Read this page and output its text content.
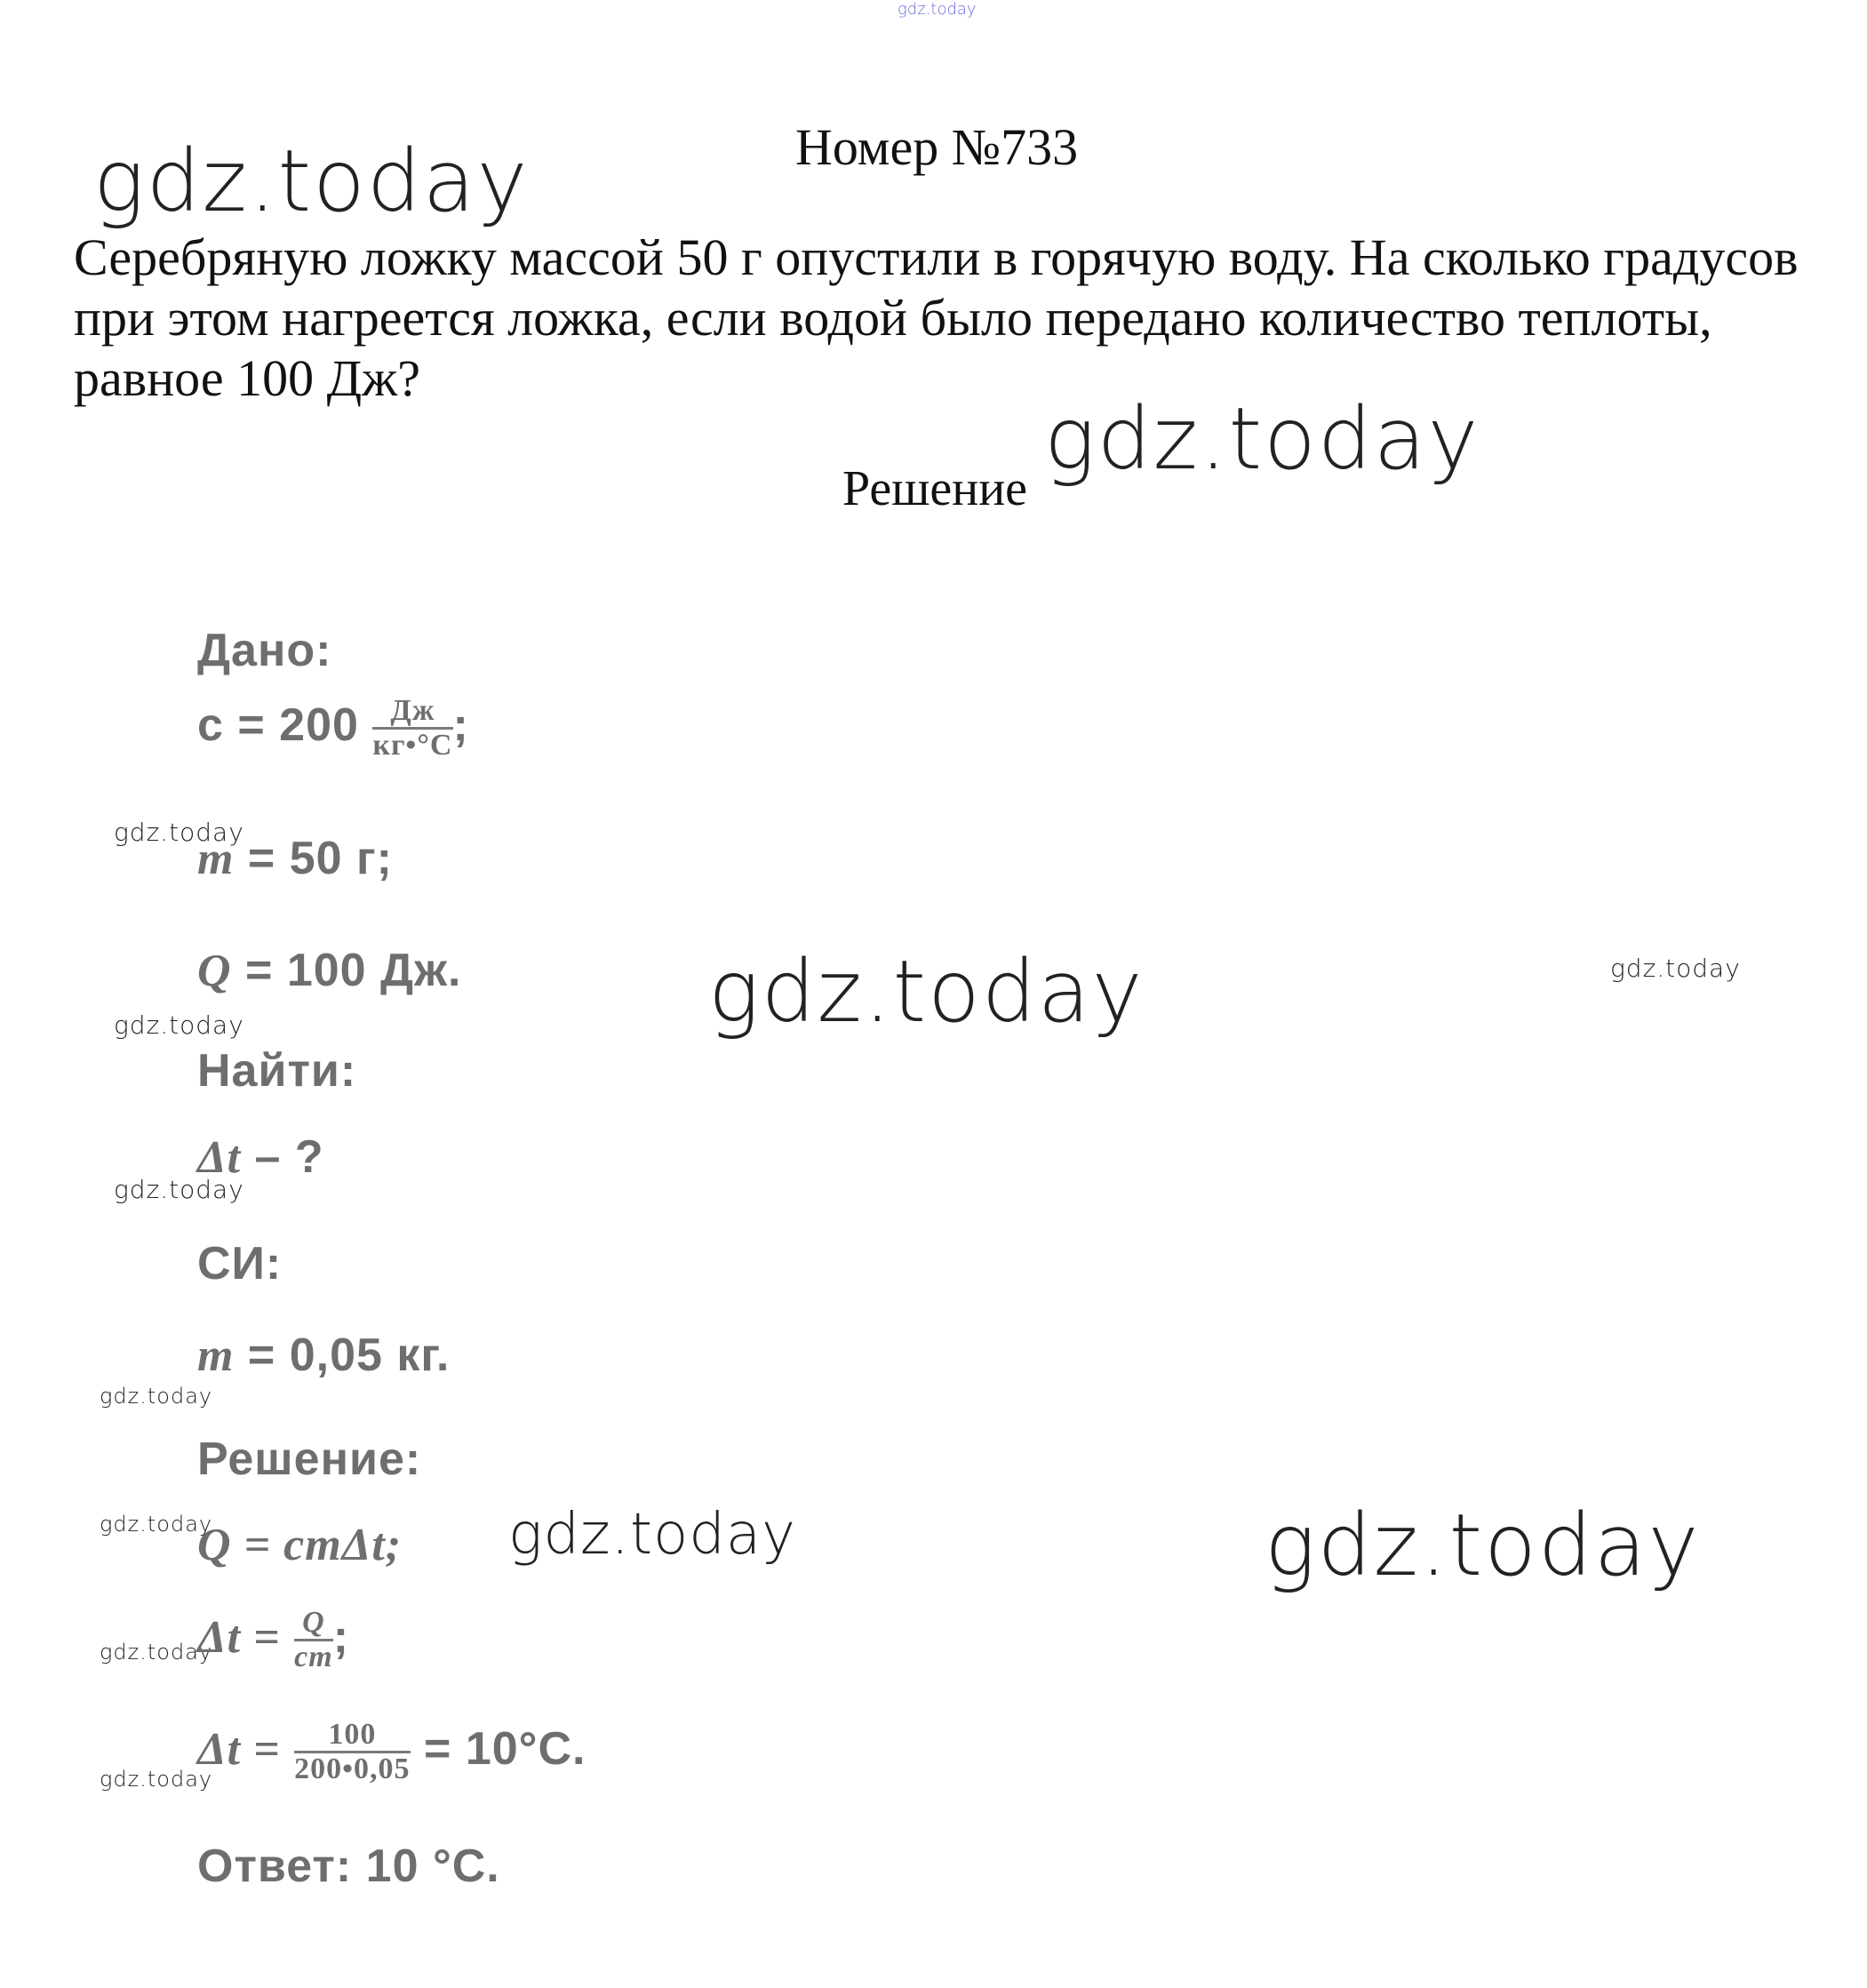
gdz.today
gdz.today
gdz.today
gdz.today
gdz.today
gdz.today
gdz.today
gdz.today
gdz.today
gdz.today
gdz.today
gdz.today
gdz.today
gdz.today
Номер №733
Серебряную ложку массой 50 г опустили в горячую воду. На сколько градусов при этом нагреется ложка, если водой было передано количество теплоты, равное 100 Дж?
Решение
Дано:
$с = 200 \frac{Дж}{кг•^\circ С}$ ;
m = 50 г;
Q = 100 Дж.
Найти:
Δt – ?
СИ:
m = 0,05 кг.
Решение:
Q = cmΔt;
$\Delta t = \frac{Q}{cm}$ ;
$\Delta t = \frac{100}{200•0,05} = 10^\circ С$.
Ответ: 10 °С.
